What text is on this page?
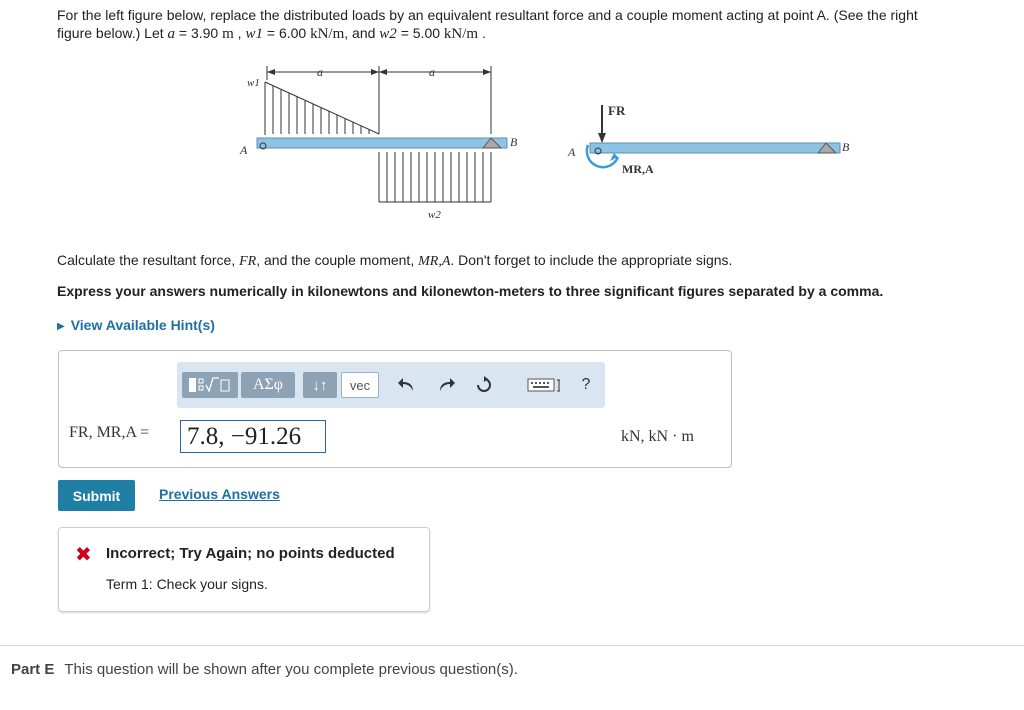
For the left figure below, replace the distributed loads by an equivalent resultant force and a couple moment acting at point A. (See the right
figure below.) Let a = 3.90 m , w1 = 6.00 kN/m, and w2 = 5.00 kN/m .
a	a
w1
A
B
w2
FR
A
MR,A
B
Calculate the resultant force, FR, and the couple moment, MR,A. Don't forget to include the appropriate signs.
Express your answers numerically in kilonewtons and kilonewton-meters to three significant figures separated by a comma.
▶ View Available Hint(s)
ΑΣφ	↓↑	vec	?
FR, MR,A = 7.8, −91.26	kN, kN · m
Submit	Previous Answers
✖ Incorrect; Try Again; no points deducted
Term 1: Check your signs.
Part E This question will be shown after you complete previous question(s).
